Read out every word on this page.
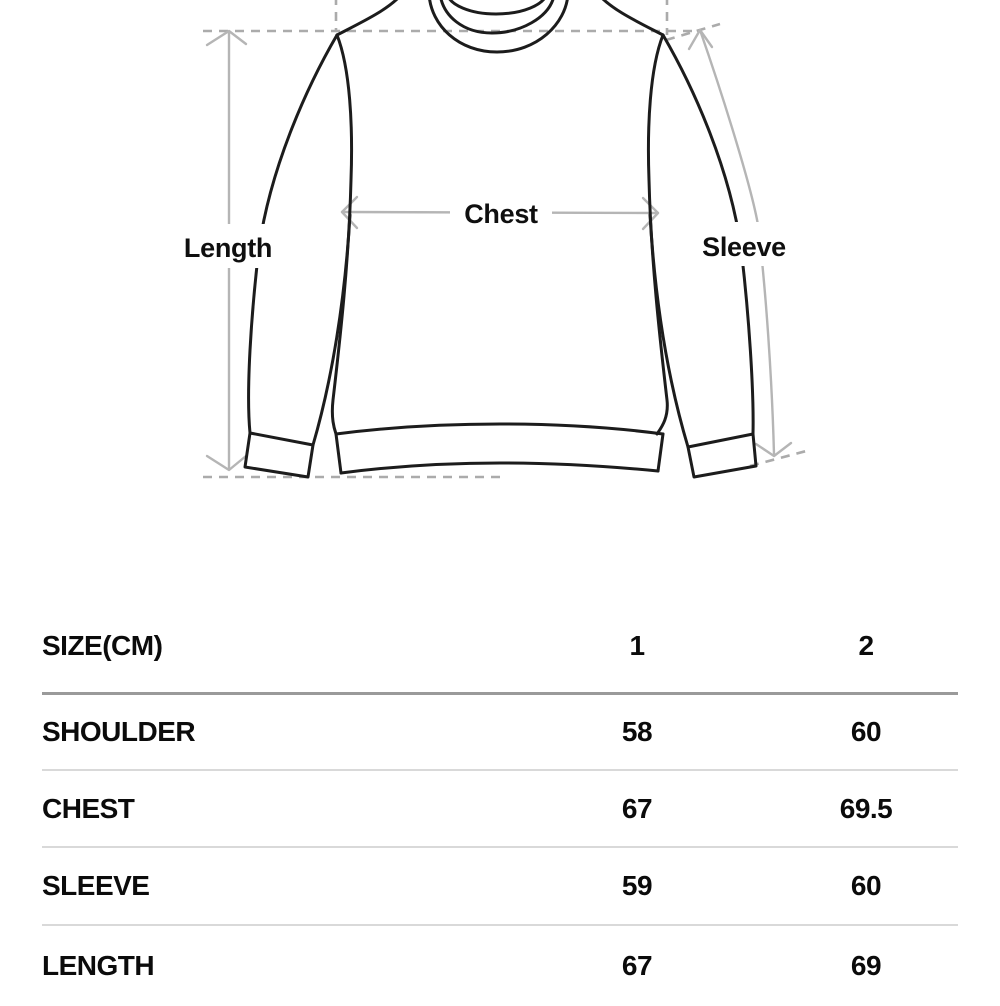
Length
Chest
Sleeve
SIZE(CM)	1	2
SHOULDER	58	60
CHEST	67	69.5
SLEEVE	59	60
LENGTH	67	69
